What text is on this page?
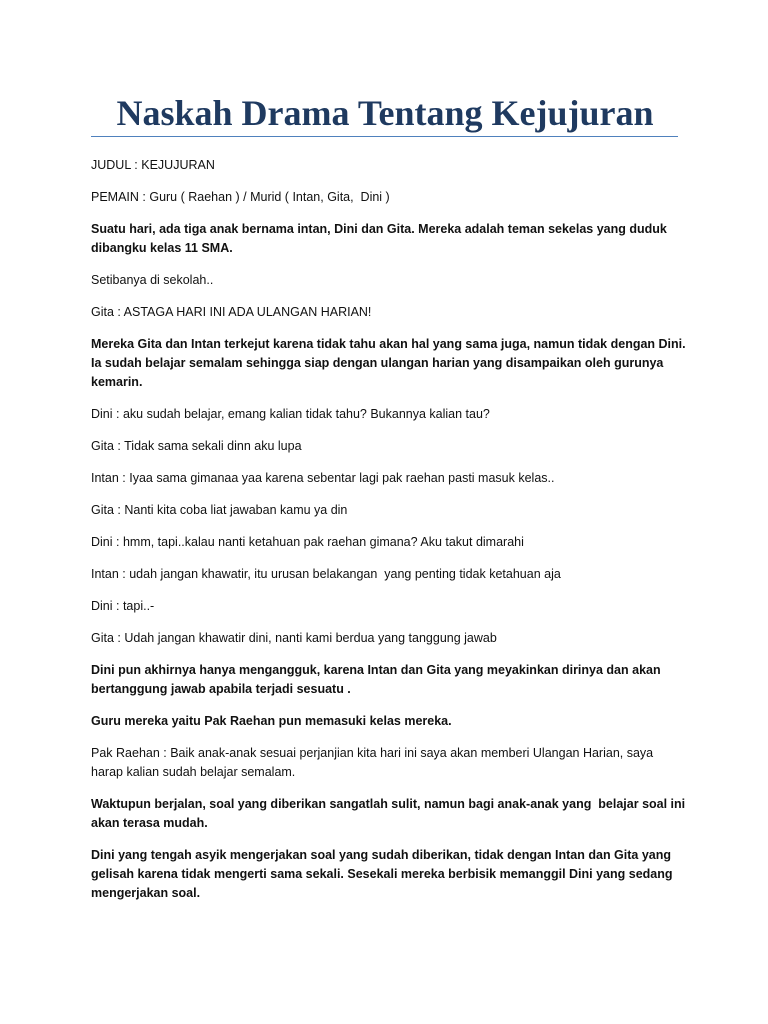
Naskah Drama Tentang Kejujuran

JUDUL : KEJUJURAN

PEMAIN : Guru ( Raehan ) / Murid ( Intan, Gita,  Dini )

Suatu hari, ada tiga anak bernama intan, Dini dan Gita. Mereka adalah teman sekelas yang duduk
dibangku kelas 11 SMA.

Setibanya di sekolah..

Gita : ASTAGA HARI INI ADA ULANGAN HARIAN!

Mereka Gita dan Intan terkejut karena tidak tahu akan hal yang sama juga, namun tidak dengan Dini.
Ia sudah belajar semalam sehingga siap dengan ulangan harian yang disampaikan oleh gurunya
kemarin.

Dini : aku sudah belajar, emang kalian tidak tahu? Bukannya kalian tau?

Gita : Tidak sama sekali dinn aku lupa

Intan : Iyaa sama gimanaa yaa karena sebentar lagi pak raehan pasti masuk kelas..

Gita : Nanti kita coba liat jawaban kamu ya din

Dini : hmm, tapi..kalau nanti ketahuan pak raehan gimana? Aku takut dimarahi

Intan : udah jangan khawatir, itu urusan belakangan  yang penting tidak ketahuan aja

Dini : tapi..-

Gita : Udah jangan khawatir dini, nanti kami berdua yang tanggung jawab

Dini pun akhirnya hanya mengangguk, karena Intan dan Gita yang meyakinkan dirinya dan akan
bertanggung jawab apabila terjadi sesuatu .

Guru mereka yaitu Pak Raehan pun memasuki kelas mereka.

Pak Raehan : Baik anak-anak sesuai perjanjian kita hari ini saya akan memberi Ulangan Harian, saya
harap kalian sudah belajar semalam.

Waktupun berjalan, soal yang diberikan sangatlah sulit, namun bagi anak-anak yang  belajar soal ini
akan terasa mudah.

Dini yang tengah asyik mengerjakan soal yang sudah diberikan, tidak dengan Intan dan Gita yang
gelisah karena tidak mengerti sama sekali. Sesekali mereka berbisik memanggil Dini yang sedang
mengerjakan soal.
